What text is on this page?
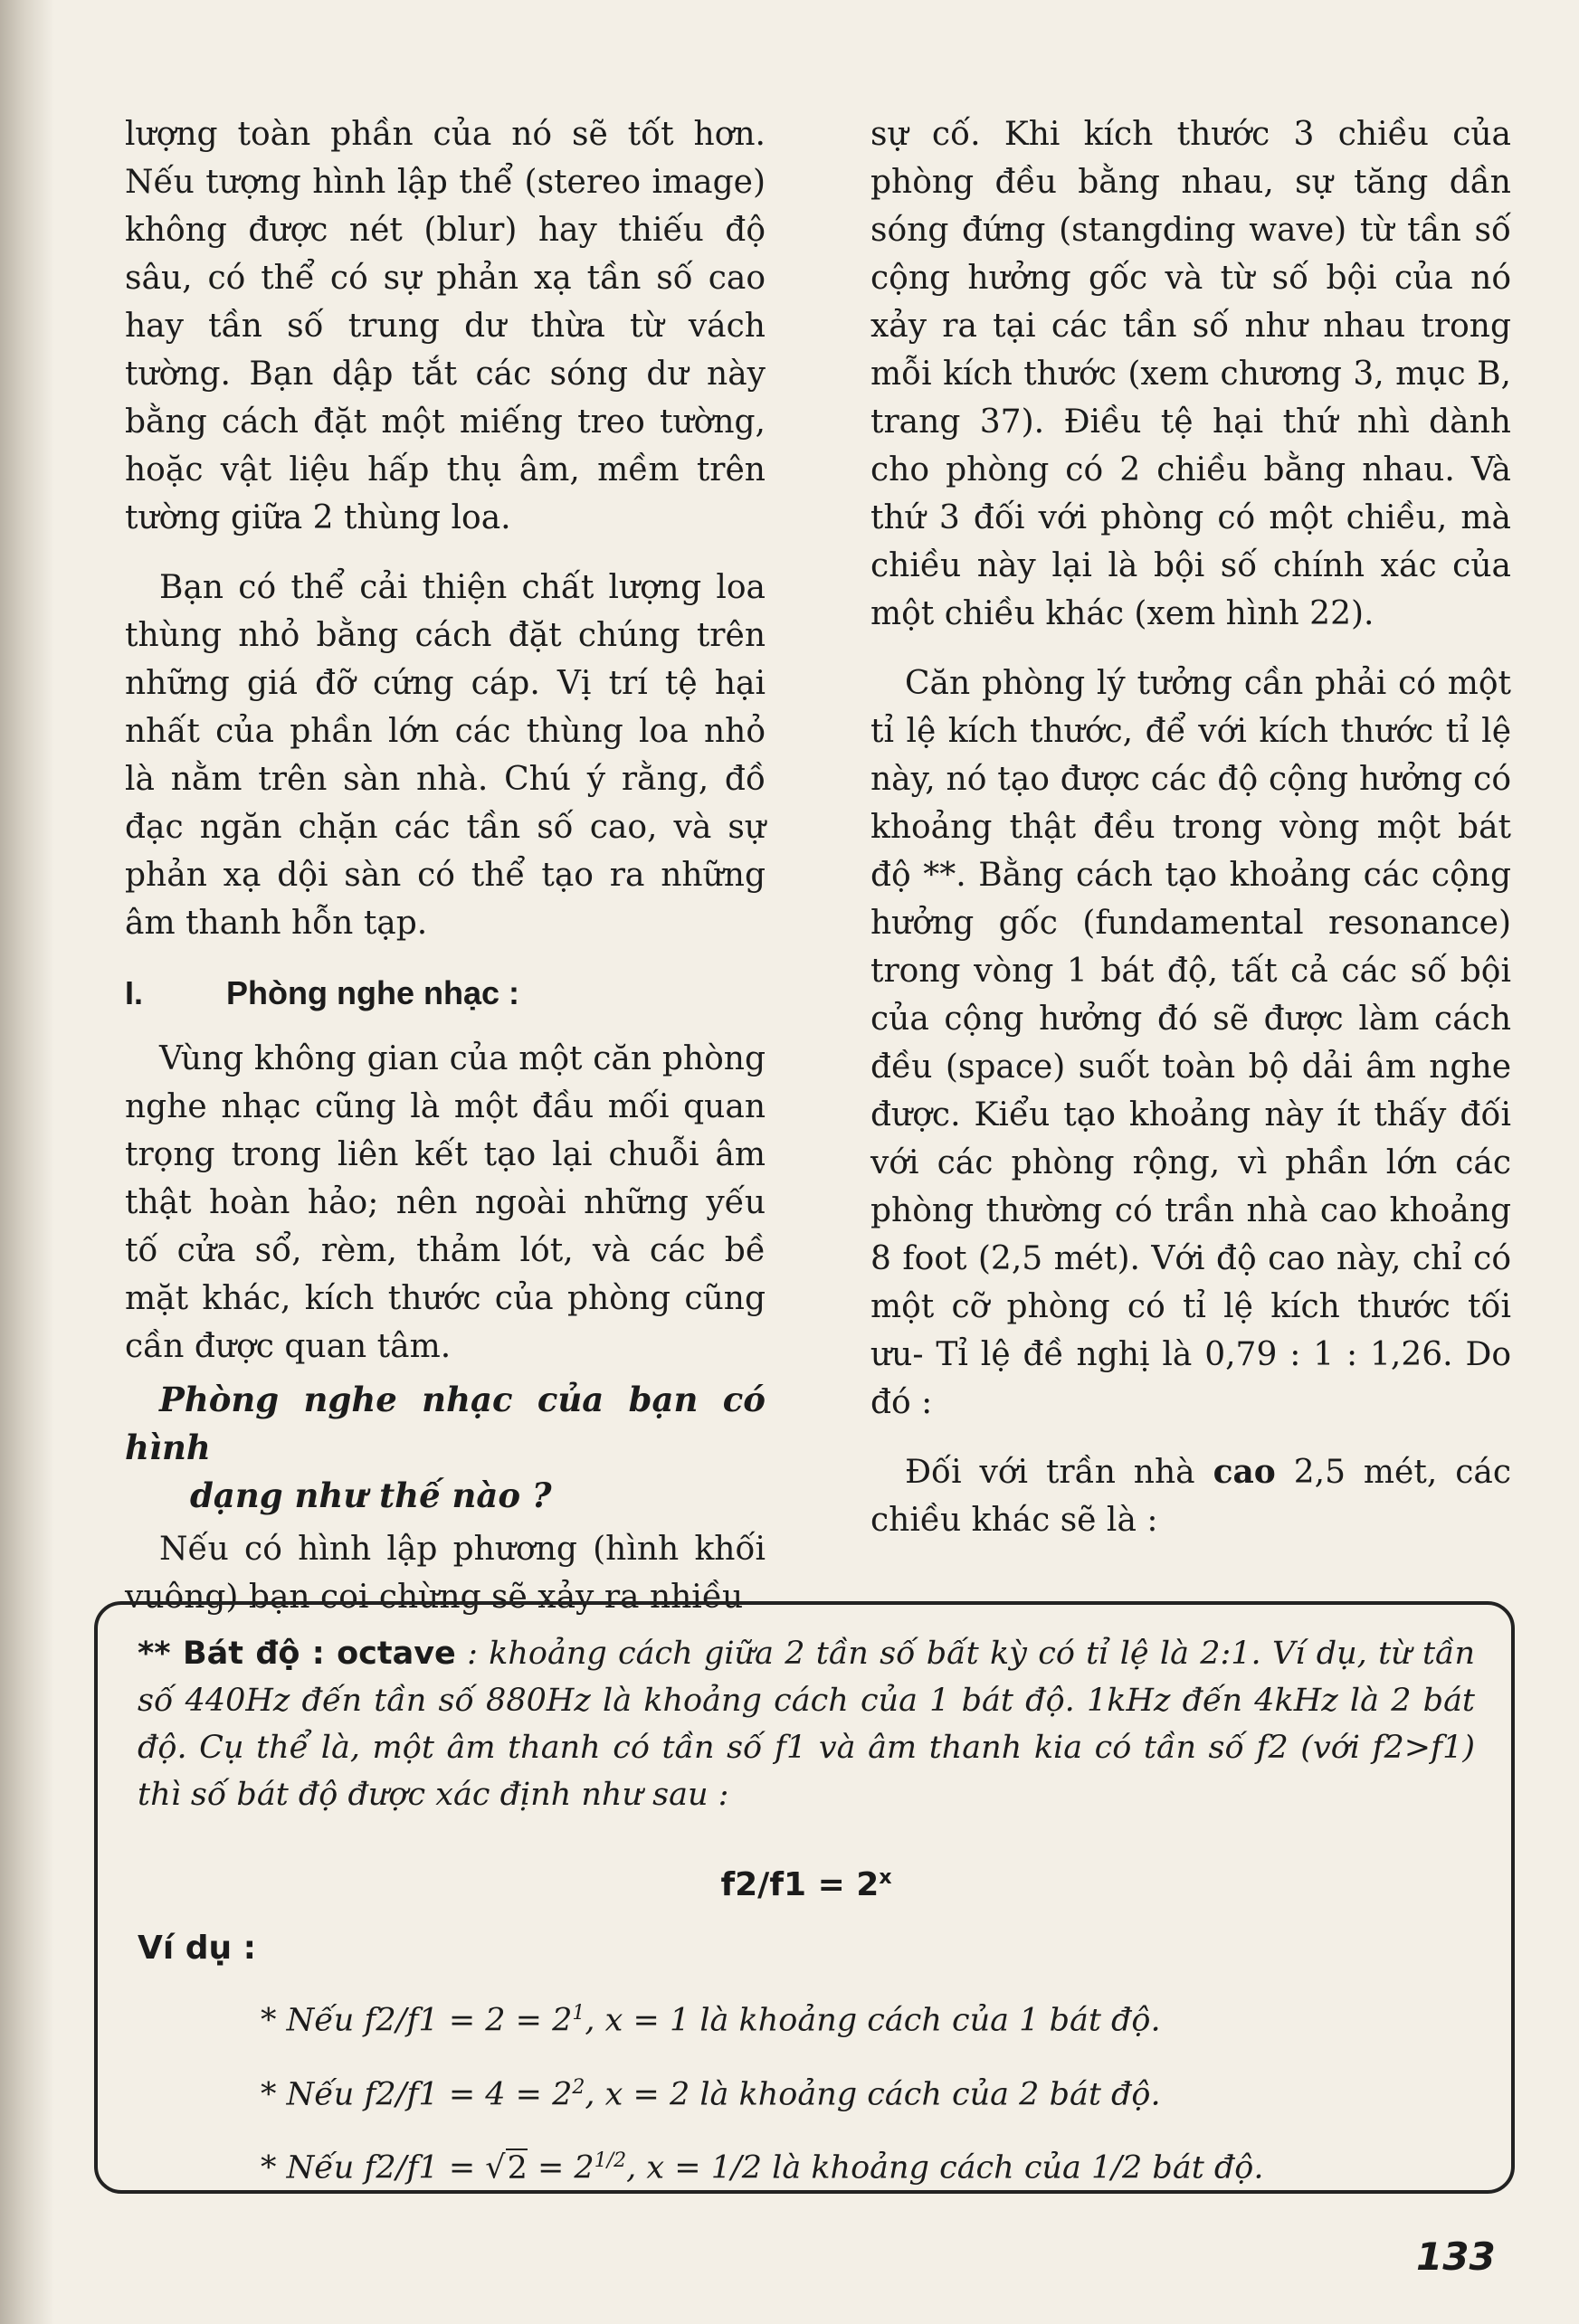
lượng toàn phần của nó sẽ tốt hơn. Nếu tượng hình lập thể (stereo image) không được nét (blur) hay thiếu độ sâu, có thể có sự phản xạ tần số cao hay tần số trung dư thừa từ vách tường. Bạn dập tắt các sóng dư này bằng cách đặt một miếng treo tường, hoặc vật liệu hấp thụ âm, mềm trên tường giữa 2 thùng loa.

Bạn có thể cải thiện chất lượng loa thùng nhỏ bằng cách đặt chúng trên những giá đỡ cứng cáp. Vị trí tệ hại nhất của phần lớn các thùng loa nhỏ là nằm trên sàn nhà. Chú ý rằng, đồ đạc ngăn chặn các tần số cao, và sự phản xạ dội sàn có thể tạo ra những âm thanh hỗn tạp.

I.	Phòng nghe nhạc :

Vùng không gian của một căn phòng nghe nhạc cũng là một đầu mối quan trọng trong liên kết tạo lại chuỗi âm thật hoàn hảo; nên ngoài những yếu tố cửa sổ, rèm, thảm lót, và các bề mặt khác, kích thước của phòng cũng cần được quan tâm.

Phòng nghe nhạc của bạn có hình
dạng như thế nào ?

Nếu có hình lập phương (hình khối vuông) bạn coi chừng sẽ xảy ra nhiều

sự cố. Khi kích thước 3 chiều của phòng đều bằng nhau, sự tăng dần sóng đứng (stangding wave) từ tần số cộng hưởng gốc và từ số bội của nó xảy ra tại các tần số như nhau trong mỗi kích thước (xem chương 3, mục B, trang 37). Điều tệ hại thứ nhì dành cho phòng có 2 chiều bằng nhau. Và thứ 3 đối với phòng có một chiều, mà chiều này lại là bội số chính xác của một chiều khác (xem hình 22).

Căn phòng lý tưởng cần phải có một tỉ lệ kích thước, để với kích thước tỉ lệ này, nó tạo được các độ cộng hưởng có khoảng thật đều trong vòng một bát độ **. Bằng cách tạo khoảng các cộng hưởng gốc (fundamental resonance) trong vòng 1 bát độ, tất cả các số bội của cộng hưởng đó sẽ được làm cách đều (space) suốt toàn bộ dải âm nghe được. Kiểu tạo khoảng này ít thấy đối với các phòng rộng, vì phần lớn các phòng thường có trần nhà cao khoảng 8 foot (2,5 mét). Với độ cao này, chỉ có một cỡ phòng có tỉ lệ kích thước tối ưu- Tỉ lệ đề nghị là 0,79 : 1 : 1,26. Do đó :

Đối với trần nhà cao 2,5 mét, các chiều khác sẽ là :

** Bát độ : octave : khoảng cách giữa 2 tần số bất kỳ có tỉ lệ là 2:1. Ví dụ, từ tần số 440Hz đến tần số 880Hz là khoảng cách của 1 bát độ. 1kHz đến 4kHz là 2 bát độ. Cụ thể là, một âm thanh có tần số f1 và âm thanh kia có tần số f2 (với f2>f1) thì số bát độ được xác định như sau :

$f2/f1 = 2^x$
Ví dụ :
* Nếu $f2/f1 = 2 = 2^1$, x = 1 là khoảng cách của 1 bát độ.
* Nếu $f2/f1 = 4 = 2^2$, x = 2 là khoảng cách của 2 bát độ.
* Nếu $f2/f1 = √2 = 2^{1/2}$, x = 1/2 là khoảng cách của 1/2 bát độ.
133
